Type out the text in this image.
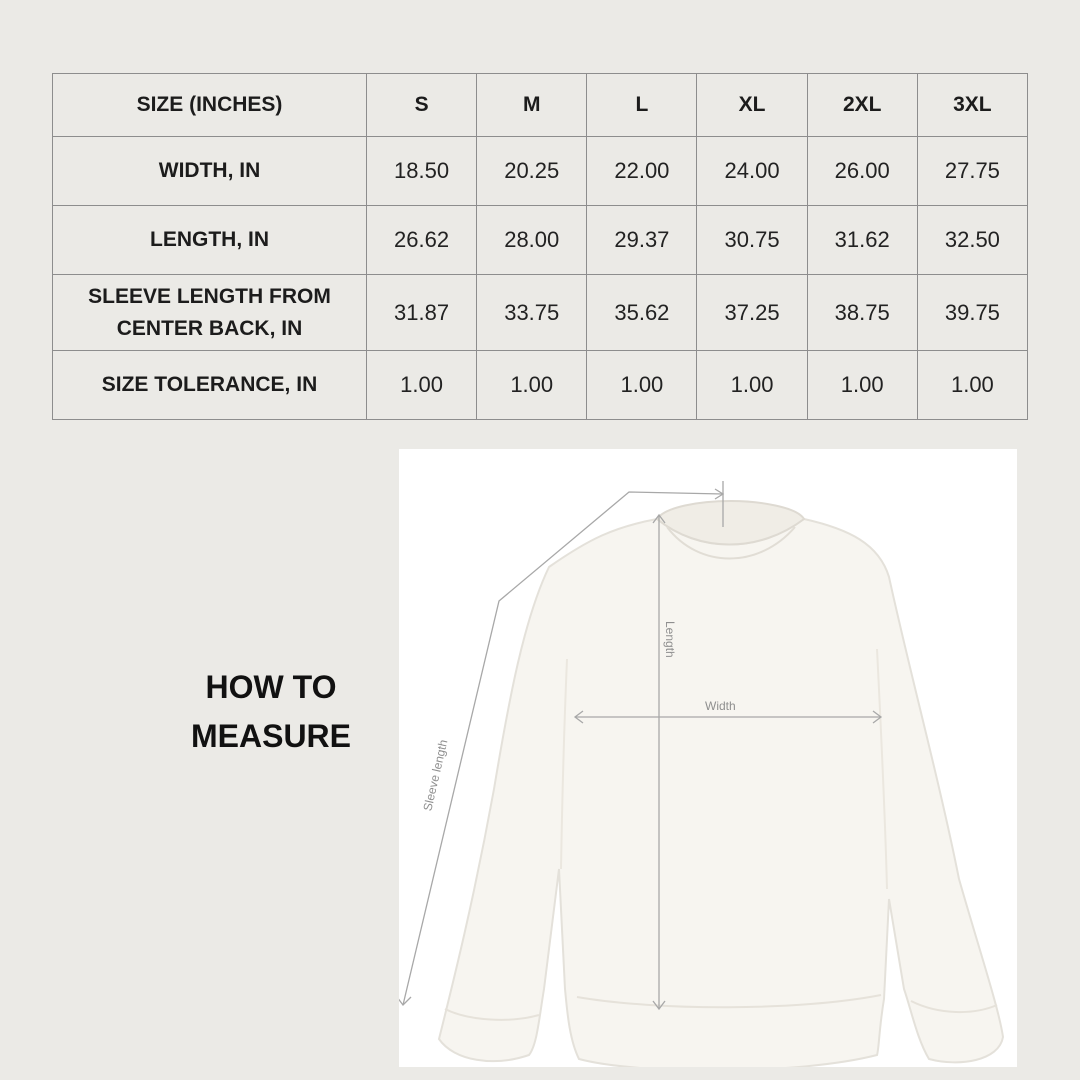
SIZE (INCHES)	S	M	L	XL	2XL	3XL
WIDTH, IN	18.50	20.25	22.00	24.00	26.00	27.75
LENGTH, IN	26.62	28.00	29.37	30.75	31.62	32.50
SLEEVE LENGTH FROM
CENTER BACK, IN	31.87	33.75	35.62	37.25	38.75	39.75
SIZE TOLERANCE, IN	1.00	1.00	1.00	1.00	1.00	1.00
HOW TO
MEASURE
Length
Width
Sleeve length
